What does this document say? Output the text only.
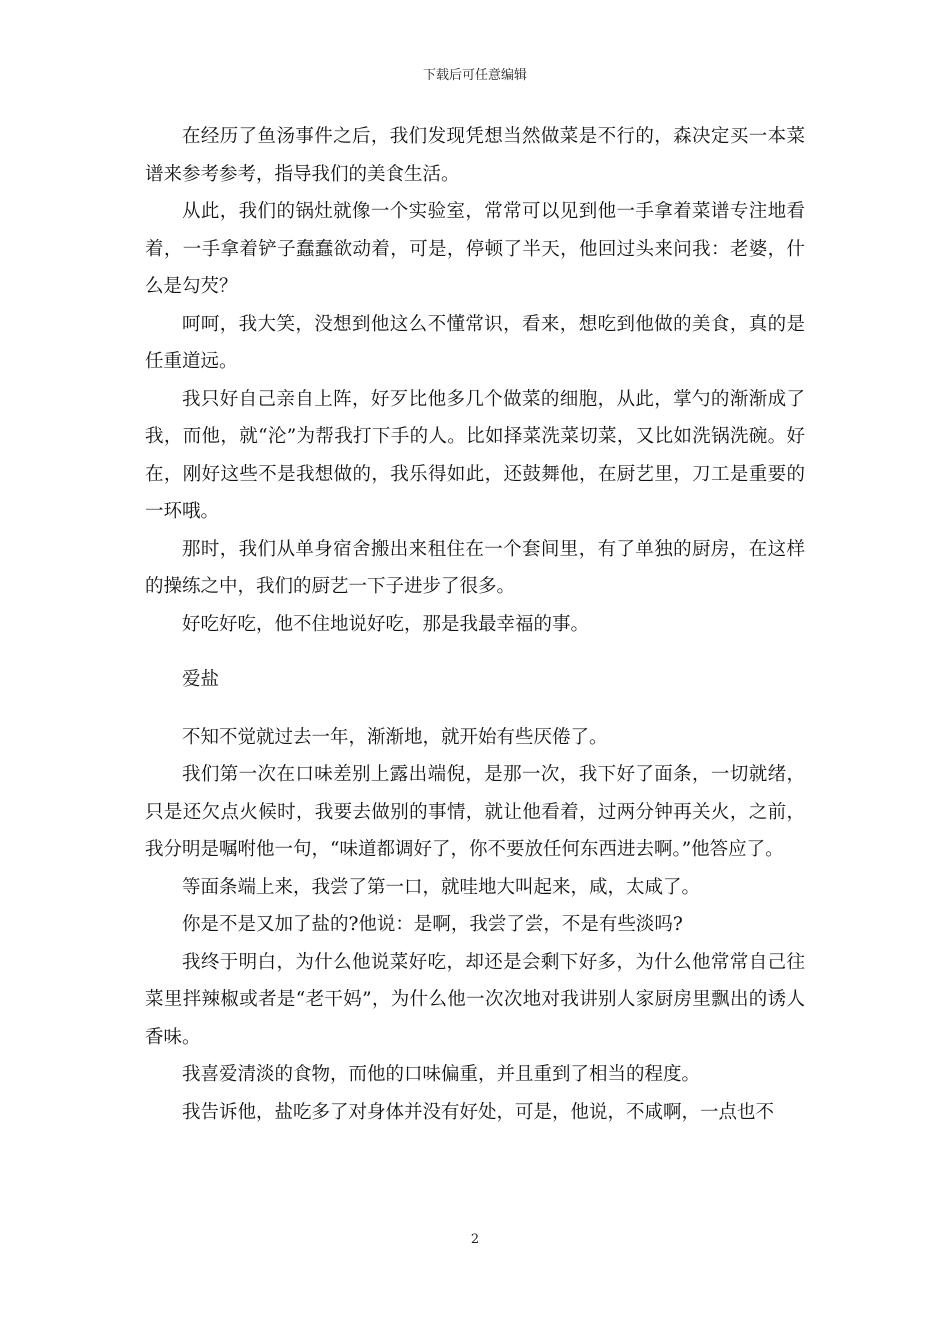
下载后可任意编辑

在经历了鱼汤事件之后，我们发现凭想当然做菜是不行的，森决定买一本菜谱来参考参考，指导我们的美食生活。

从此，我们的锅灶就像一个实验室，常常可以见到他一手拿着菜谱专注地看着，一手拿着铲子蠢蠢欲动着，可是，停顿了半天，他回过头来问我：老婆，什么是勾芡？

呵呵，我大笑，没想到他这么不懂常识，看来，想吃到他做的美食，真的是任重道远。

我只好自己亲自上阵，好歹比他多几个做菜的细胞，从此，掌勺的渐渐成了我，而他，就“沦”为帮我打下手的人。比如择菜洗菜切菜，又比如洗锅洗碗。好在，刚好这些不是我想做的，我乐得如此，还鼓舞他，在厨艺里，刀工是重要的一环哦。

那时，我们从单身宿舍搬出来租住在一个套间里，有了单独的厨房，在这样的操练之中，我们的厨艺一下子进步了很多。

好吃好吃，他不住地说好吃，那是我最幸福的事。

爱盐

不知不觉就过去一年，渐渐地，就开始有些厌倦了。

我们第一次在口味差别上露出端倪，是那一次，我下好了面条，一切就绪，只是还欠点火候时，我要去做别的事情，就让他看着，过两分钟再关火，之前，我分明是嘱咐他一句，“味道都调好了，你不要放任何东西进去啊。”他答应了。

等面条端上来，我尝了第一口，就哇地大叫起来，咸，太咸了。

你是不是又加了盐的?他说：是啊，我尝了尝，不是有些淡吗?

我终于明白，为什么他说菜好吃，却还是会剩下好多，为什么他常常自己往菜里拌辣椒或者是“老干妈”，为什么他一次次地对我讲别人家厨房里飘出的诱人香味。

我喜爱清淡的食物，而他的口味偏重，并且重到了相当的程度。

我告诉他，盐吃多了对身体并没有好处，可是，他说，不咸啊，一点也不

2
